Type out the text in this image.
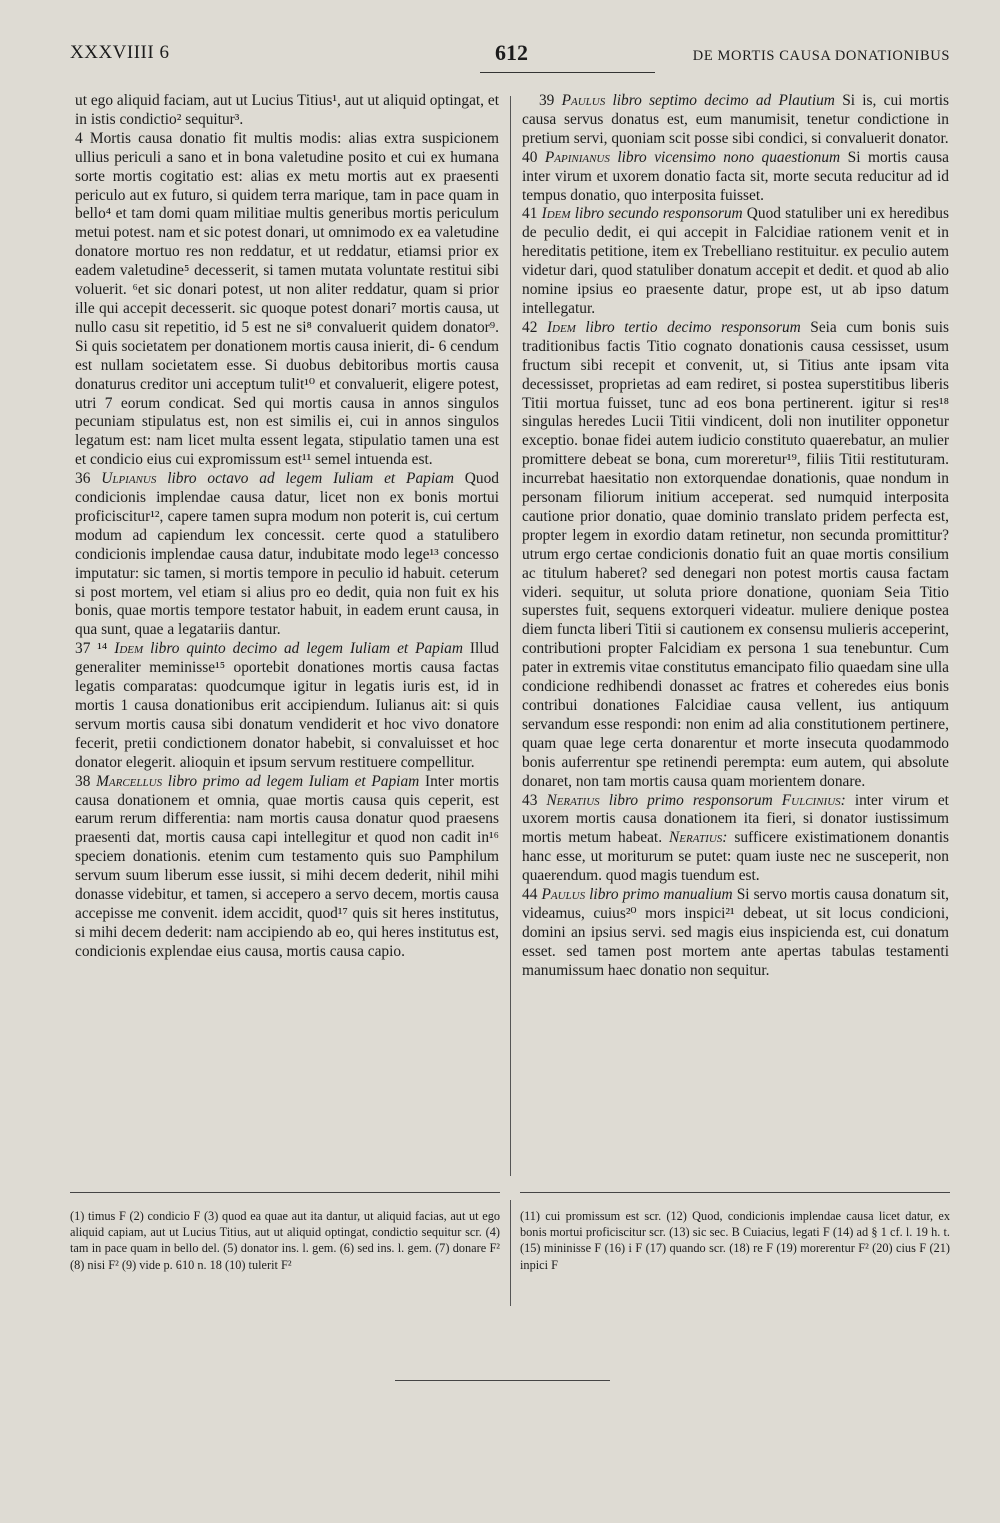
XXXVIIII 6	612	DE MORTIS CAUSA DONATIONIBUS

ut ego aliquid faciam, aut ut Lucius Titius¹, aut ut aliquid optingat, et in istis condictio² sequitur³.

4 Mortis causa donatio fit multis modis: alias extra suspicionem ullius periculi a sano et in bona valetudine posito et cui ex humana sorte mortis cogitatio est: alias ex metu mortis aut ex praesenti periculo aut ex futuro, si quidem terra marique, tam in pace quam in bello⁴ et tam domi quam militiae multis generibus mortis periculum metui potest. nam et sic potest donari, ut omnimodo ex ea valetudine donatore mortuo res non reddatur, et ut reddatur, etiamsi prior ex eadem valetudine⁵ decesserit, si tamen mutata voluntate restitui sibi voluerit. ⁶et sic donari potest, ut non aliter reddatur, quam si prior ille qui accepit decesserit. sic quoque potest donari⁷ mortis causa, ut nullo casu sit repetitio, id 5 est ne si⁸ convaluerit quidem donator⁹. Si quis societatem per donationem mortis causa inierit, di- 6 cendum est nullam societatem esse. Si duobus debitoribus mortis causa donaturus creditor uni acceptum tulit¹⁰ et convaluerit, eligere potest, utri 7 eorum condicat. Sed qui mortis causa in annos singulos pecuniam stipulatus est, non est similis ei, cui in annos singulos legatum est: nam licet multa essent legata, stipulatio tamen una est et condicio eius cui expromissum est¹¹ semel intuenda est.

36 Ulpianus libro octavo ad legem Iuliam et Papiam Quod condicionis implendae causa datur, licet non ex bonis mortui proficiscitur¹², capere tamen supra modum non poterit is, cui certum modum ad capiendum lex concessit. certe quod a statulibero condicionis implendae causa datur, indubitate modo lege¹³ concesso imputatur: sic tamen, si mortis tempore in peculio id habuit. ceterum si post mortem, vel etiam si alius pro eo dedit, quia non fuit ex his bonis, quae mortis tempore testator habuit, in eadem erunt causa, in qua sunt, quae a legatariis dantur.

37 ¹⁴ Idem libro quinto decimo ad legem Iuliam et Papiam Illud generaliter meminisse¹⁵ oportebit donationes mortis causa factas legatis comparatas: quodcumque igitur in legatis iuris est, id in mortis 1 causa donationibus erit accipiendum. Iulianus ait: si quis servum mortis causa sibi donatum vendiderit et hoc vivo donatore fecerit, pretii condictionem donator habebit, si convaluisset et hoc donator elegerit. alioquin et ipsum servum restituere compellitur.

38 Marcellus libro primo ad legem Iuliam et Papiam Inter mortis causa donationem et omnia, quae mortis causa quis ceperit, est earum rerum differentia: nam mortis causa donatur quod praesens praesenti dat, mortis causa capi intellegitur et quod non cadit in¹⁶ speciem donationis. etenim cum testamento quis suo Pamphilum servum suum liberum esse iussit, si mihi decem dederit, nihil mihi donasse videbitur, et tamen, si accepero a servo decem, mortis causa accepisse me convenit. idem accidit, quod¹⁷ quis sit heres institutus, si mihi decem dederit: nam accipiendo ab eo, qui heres institutus est, condicionis explendae eius causa, mortis causa capio.

39 Paulus libro septimo decimo ad Plautium Si is, cui mortis causa servus donatus est, eum manumisit, tenetur condictione in pretium servi, quoniam scit posse sibi condici, si convaluerit donator.

40 Papinianus libro vicensimo nono quaestionum Si mortis causa inter virum et uxorem donatio facta sit, morte secuta reducitur ad id tempus donatio, quo interposita fuisset.

41 Idem libro secundo responsorum Quod statuliber uni ex heredibus de peculio dedit, ei qui accepit in Falcidiae rationem venit et in hereditatis petitione, item ex Trebelliano restituitur. ex peculio autem videtur dari, quod statuliber donatum accepit et dedit. et quod ab alio nomine ipsius eo praesente datur, prope est, ut ab ipso datum intellegatur.

42 Idem libro tertio decimo responsorum Seia cum bonis suis traditionibus factis Titio cognato donationis causa cessisset, usum fructum sibi recepit et convenit, ut, si Titius ante ipsam vita decessisset, proprietas ad eam rediret, si postea superstitibus liberis Titii mortua fuisset, tunc ad eos bona pertinerent. igitur si res¹⁸ singulas heredes Lucii Titii vindicent, doli non inutiliter opponetur exceptio. bonae fidei autem iudicio constituto quaerebatur, an mulier promittere debeat se bona, cum moreretur¹⁹, filiis Titii restituturam. incurrebat haesitatio non extorquendae donationis, quae nondum in personam filiorum initium acceperat. sed numquid interposita cautione prior donatio, quae dominio translato pridem perfecta est, propter legem in exordio datam retinetur, non secunda promittitur? utrum ergo certae condicionis donatio fuit an quae mortis consilium ac titulum haberet? sed denegari non potest mortis causa factam videri. sequitur, ut soluta priore donatione, quoniam Seia Titio superstes fuit, sequens extorqueri videatur. muliere denique postea diem functa liberi Titii si cautionem ex consensu mulieris acceperint, contributioni propter Falcidiam ex persona 1 sua tenebuntur. Cum pater in extremis vitae constitutus emancipato filio quaedam sine ulla condicione redhibendi donasset ac fratres et coheredes eius bonis contribui donationes Falcidiae causa vellent, ius antiquum servandum esse respondi: non enim ad alia constitutionem pertinere, quam quae lege certa donarentur et morte insecuta quodammodo bonis auferrentur spe retinendi perempta: eum autem, qui absolute donaret, non tam mortis causa quam morientem donare.

43 Neratius libro primo responsorum Fulcinius: inter virum et uxorem mortis causa donationem ita fieri, si donator iustissimum mortis metum habeat. Neratius: sufficere existimationem donantis hanc esse, ut moriturum se putet: quam iuste nec ne susceperit, non quaerendum. quod magis tuendum est.

44 Paulus libro primo manualium Si servo mortis causa donatum sit, videamus, cuius²⁰ mors inspici²¹ debeat, ut sit locus condicioni, domini an ipsius servi. sed magis eius inspicienda est, cui donatum esset. sed tamen post mortem ante apertas tabulas testamenti manumissum haec donatio non sequitur.

(1) timus F (2) condicio F (3) quod ea quae aut ita dantur, ut aliquid facias, aut ut ego aliquid capiam, aut ut Lucius Titius, aut ut aliquid optingat, condictio sequitur scr. (4) tam in pace quam in bello del. (5) donator ins. l. gem. (6) sed ins. l. gem. (7) donare F² (8) nisi F² (9) vide p. 610 n. 18 (10) tulerit F²

(11) cui promissum est scr. (12) Quod, condicionis implendae causa licet datur, ex bonis mortui proficiscitur scr. (13) sic sec. B Cuiacius, legati F (14) ad § 1 cf. l. 19 h. t. (15) mininisse F (16) i F (17) quando scr. (18) re F (19) morerentur F² (20) cius F (21) inpici F
